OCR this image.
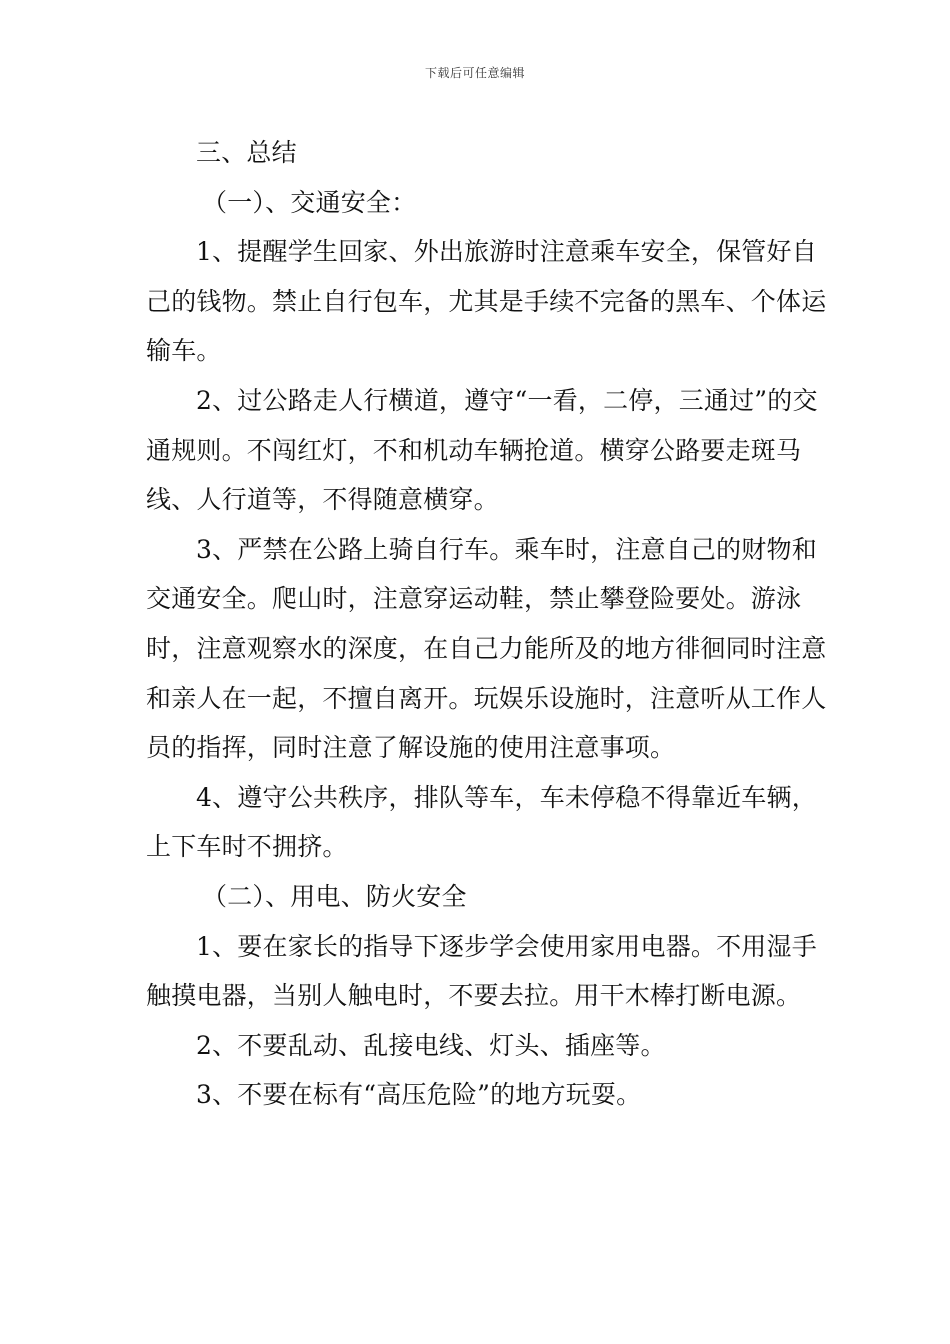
下载后可任意编辑

三、总结

（一）、交通安全：

1、提醒学生回家、外出旅游时注意乘车安全，保管好自己的钱物。禁止自行包车，尤其是手续不完备的黑车、个体运输车。

2、过公路走人行横道，遵守“一看，二停，三通过”的交通规则。不闯红灯，不和机动车辆抢道。横穿公路要走斑马线、人行道等，不得随意横穿。

3、严禁在公路上骑自行车。乘车时，注意自己的财物和交通安全。爬山时，注意穿运动鞋，禁止攀登险要处。游泳时，注意观察水的深度，在自己力能所及的地方徘徊同时注意和亲人在一起，不擅自离开。玩娱乐设施时，注意听从工作人员的指挥，同时注意了解设施的使用注意事项。

4、遵守公共秩序，排队等车，车未停稳不得靠近车辆，上下车时不拥挤。

（二）、用电、防火安全

1、要在家长的指导下逐步学会使用家用电器。不用湿手触摸电器，当别人触电时，不要去拉。用干木棒打断电源。

2、不要乱动、乱接电线、灯头、插座等。

3、不要在标有“高压危险”的地方玩耍。
